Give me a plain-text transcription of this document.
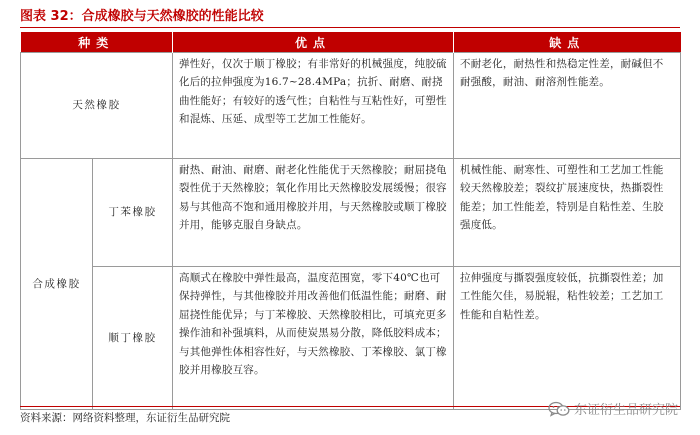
图表 32：合成橡胶与天然橡胶的性能比较
种类		优点	缺点
天然橡胶		弹性好，仅次于顺丁橡胶；有非常好的机械强度，纯胶硫化后的拉伸强度为16.7~28.4MPa；抗折、耐磨、耐挠曲性能好；有较好的透气性；自粘性与互粘性好，可塑性和混炼、压延、成型等工艺加工性能好。	不耐老化，耐热性和热稳定性差，耐碱但不耐强酸，耐油、耐溶剂性能差。
合成橡胶	丁苯橡胶	耐热、耐油、耐磨、耐老化性能优于天然橡胶；耐屈挠龟裂性优于天然橡胶；氧化作用比天然橡胶发展缓慢；很容易与其他高不饱和通用橡胶并用，与天然橡胶或顺丁橡胶并用，能够克服自身缺点。	机械性能、耐寒性、可塑性和工艺加工性能较天然橡胶差；裂纹扩展速度快，热撕裂性能差；加工性能差，特别是自粘性差、生胶强度低。
	顺丁橡胶	高顺式在橡胶中弹性最高，温度范围宽，零下40℃也可保持弹性，与其他橡胶并用改善他们低温性能；耐磨、耐屈挠性能优异；与丁苯橡胶、天然橡胶相比，可填充更多操作油和补强填料，从而使炭黑易分散，降低胶料成本；与其他弹性体相容性好，与天然橡胶、丁苯橡胶、氯丁橡胶并用橡胶互容。	拉伸强度与撕裂强度较低，抗撕裂性差；加工性能欠佳，易脱辊，粘性较差；工艺加工性能和自粘性差。
资料来源：网络资料整理，东证衍生品研究院	东证衍生品研究院
